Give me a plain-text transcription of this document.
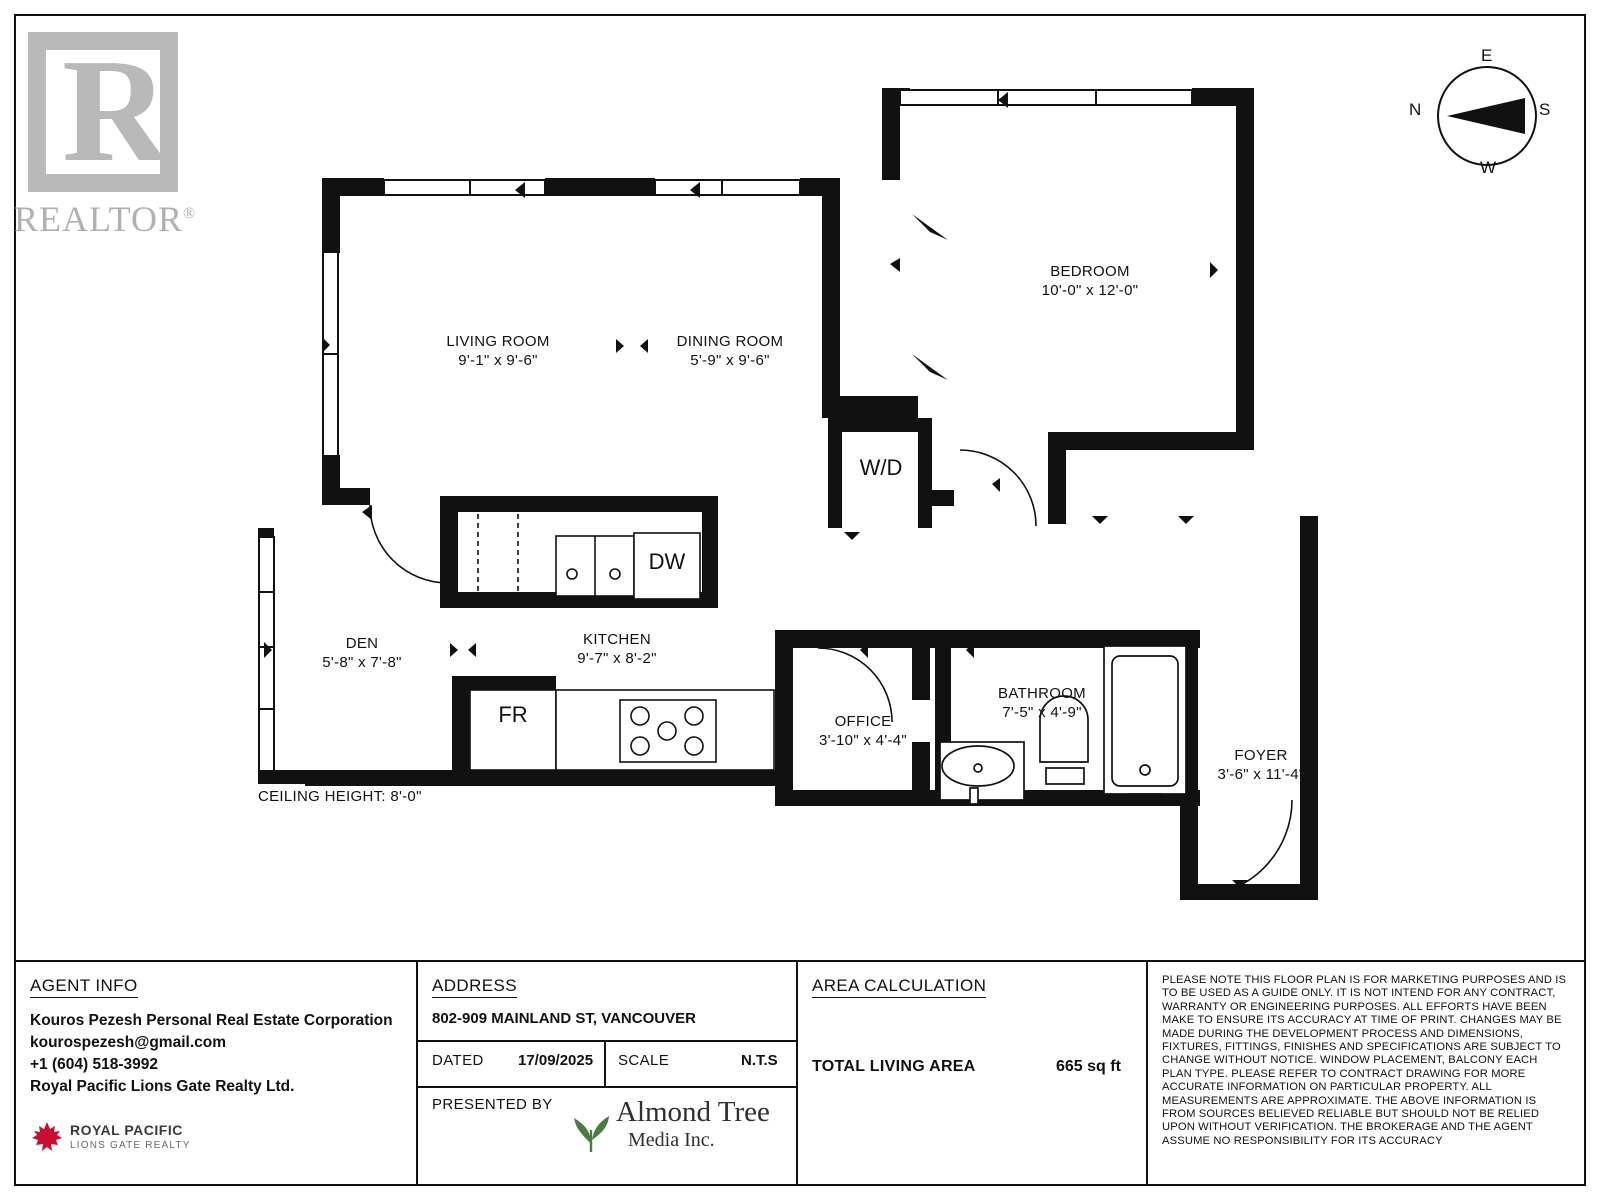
R
REALTOR®
E
N	S
W
LIVING ROOM
9'-1" x 9'-6"
DINING ROOM
5'-9" x 9'-6"
BEDROOM
10'-0" x 12'-0"
DEN
5'-8" x 7'-8"
KITCHEN
9'-7" x 8'-2"
OFFICE
3'-10" x 4'-4"
BATHROOM
7'-5" x 4'-9"
FOYER
3'-6" x 11'-4"
W/D
DW
FR
CEILING HEIGHT: 8'-0"
AGENT INFO
Kouros Pezesh Personal Real Estate Corporation
kourospezesh@gmail.com
+1 (604) 518-3992
Royal Pacific Lions Gate Realty Ltd.
ROYAL PACIFIC
LIONS GATE REALTY
ADDRESS
802-909 MAINLAND ST, VANCOUVER
DATED 17/09/2025 SCALE	N.T.S
PRESENTED BY Almond Tree
Media Inc.
AREA CALCULATION
TOTAL LIVING AREA	665 sq ft
PLEASE NOTE THIS FLOOR PLAN IS FOR MARKETING PURPOSES AND IS TO BE USED AS A GUIDE ONLY. IT IS NOT INTEND FOR ANY CONTRACT, WARRANTY OR ENGINEERING PURPOSES. ALL EFFORTS HAVE BEEN MAKE TO ENSURE ITS ACCURACY AT TIME OF PRINT. CHANGES MAY BE MADE DURING THE DEVELOPMENT PROCESS AND DIMENSIONS, FIXTURES, FITTINGS, FINISHES AND SPECIFICATIONS ARE SUBJECT TO CHANGE WITHOUT NOTICE. WINDOW PLACEMENT, BALCONY EACH PLAN TYPE. PLEASE REFER TO CONTRACT DRAWING FOR MORE ACCURATE INFORMATION ON PARTICULAR PROPERTY. ALL MEASUREMENTS ARE APPROXIMATE. THE ABOVE INFORMATION IS FROM SOURCES BELIEVED RELIABLE BUT SHOULD NOT BE RELIED UPON WITHOUT VERIFICATION. THE BROKERAGE AND THE AGENT ASSUME NO RESPONSIBILITY FOR ITS ACCURACY
